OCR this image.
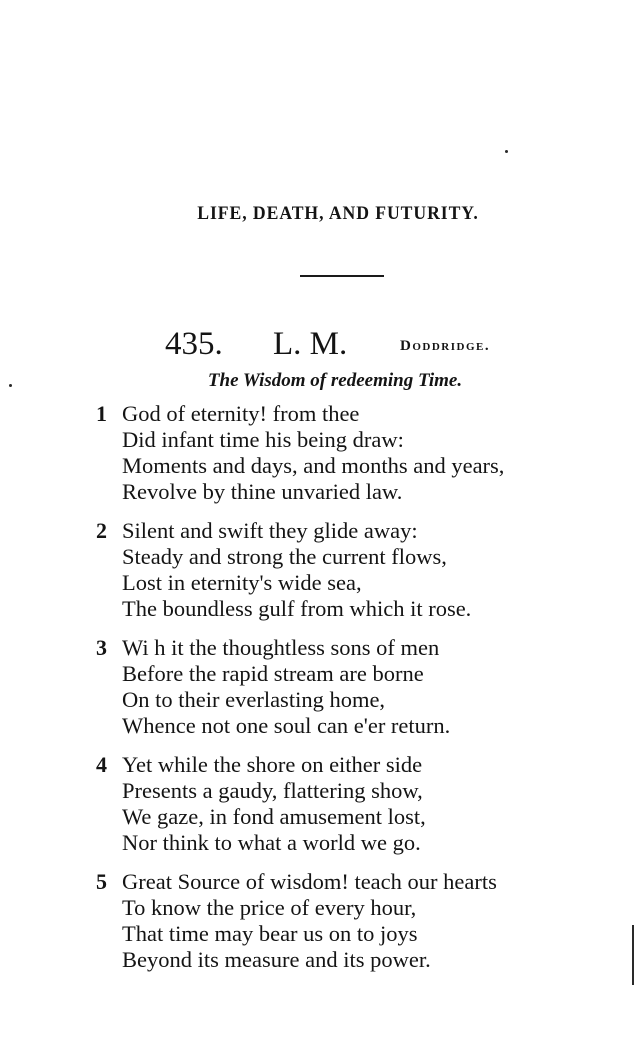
LIFE, DEATH, AND FUTURITY.
435. L. M.	Doddridge.
The Wisdom of redeeming Time.
1 God of eternity! from thee
Did infant time his being draw:
Moments and days, and months and years,
Revolve by thine unvaried law.
2 Silent and swift they glide away:
Steady and strong the current flows,
Lost in eternity's wide sea,
The boundless gulf from which it rose.
3 Wi h it the thoughtless sons of men
Before the rapid stream are borne
On to their everlasting home,
Whence not one soul can e'er return.
4 Yet while the shore on either side
Presents a gaudy, flattering show,
We gaze, in fond amusement lost,
Nor think to what a world we go.
5 Great Source of wisdom! teach our hearts
To know the price of every hour,
That time may bear us on to joys
Beyond its measure and its power.
